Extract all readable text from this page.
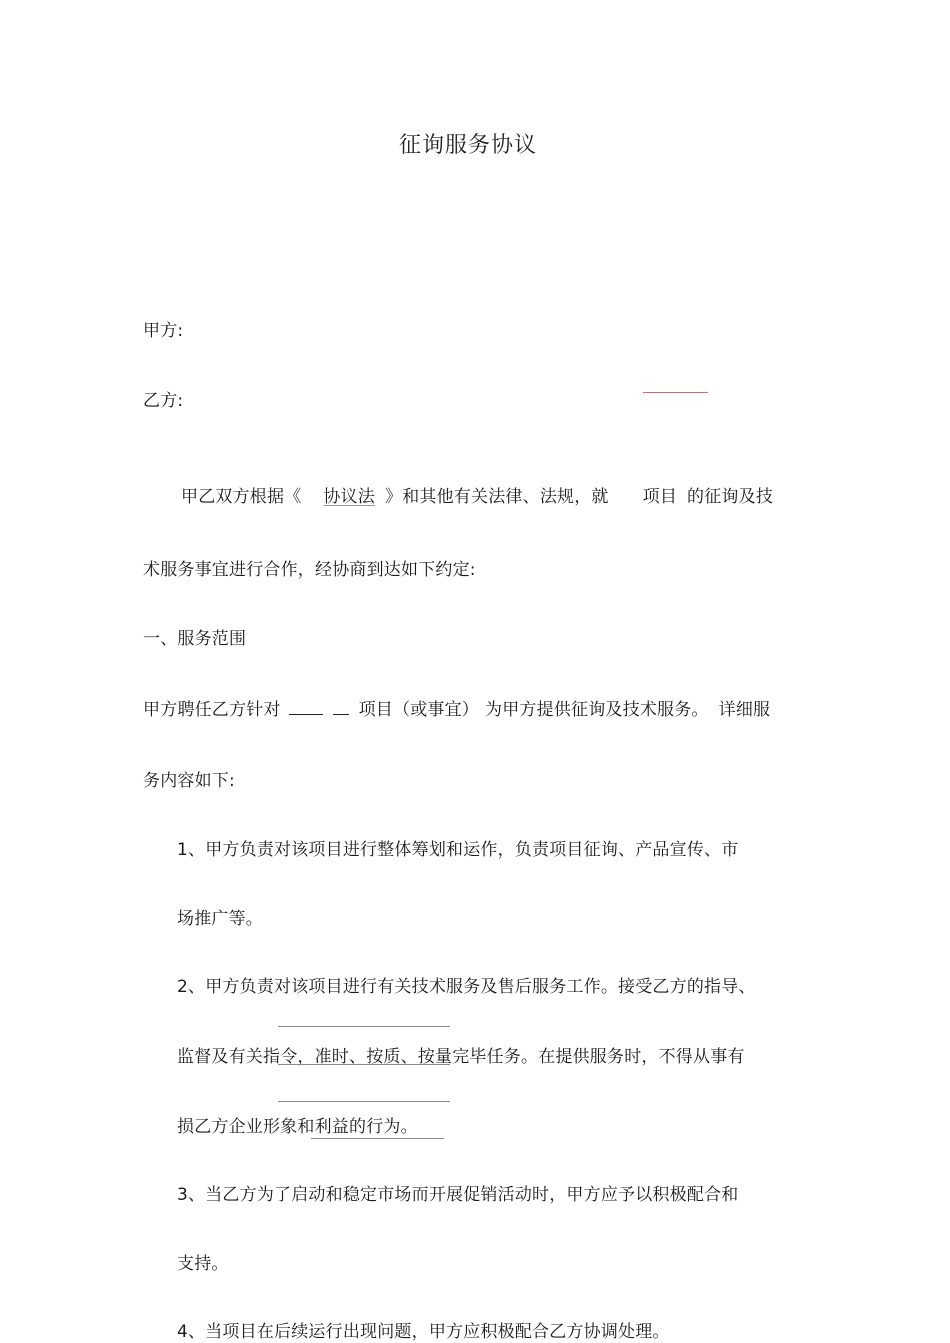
征询服务协议
甲方:
乙方:
甲乙双方根据《 协议法 》和其他有关法律、法规，就 项目 的征询及技
术服务事宜进行合作，经协商到达如下约定:
一、服务范围
甲方聘任乙方针对	项目（或事宜） 为甲方提供征询及技术服务。 详细服
务内容如下:
1、甲方负责对该项目进行整体筹划和运作，负责项目征询、产品宣传、市
场推广等。
2、甲方负责对该项目进行有关技术服务及售后服务工作。接受乙方的指导、
监督及有关指令，准时、按质、按量完毕任务。在提供服务时，不得从事有
损乙方企业形象和利益的行为。
3、当乙方为了启动和稳定市场而开展促销活动时，甲方应予以积极配合和
支持。
4、当项目在后续运行出现问题，甲方应积极配合乙方协调处理。
